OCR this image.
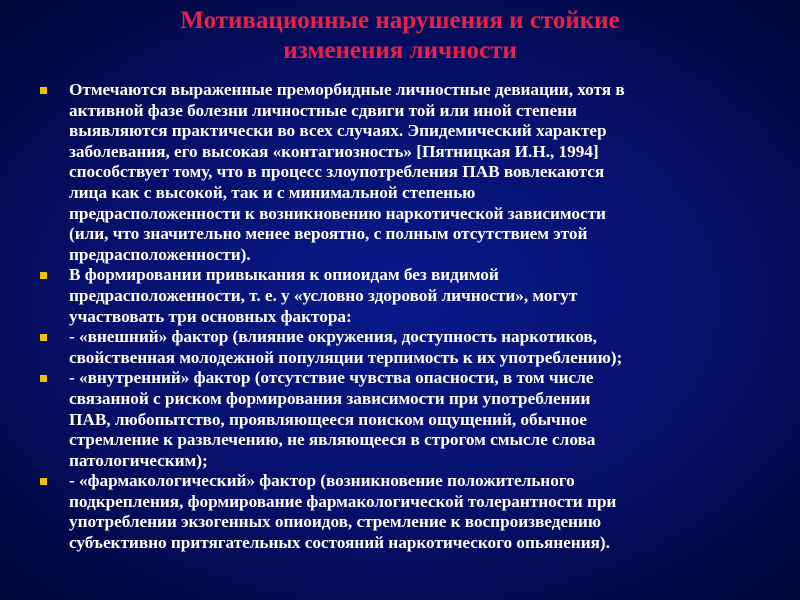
Мотивационные нарушения и стойкие
изменения личности
Отмечаются выраженные преморбидные личностные девиации, хотя в
активной фазе болезни личностные сдвиги той или иной степени
выявляются практически во всех случаях. Эпидемический характер
заболевания, его высокая «контагиозность» [Пятницкая И.Н., 1994]
способствует тому, что в процесс злоупотребления ПАВ вовлекаются
лица как с высокой, так и с минимальной степенью
предрасположенности к возникновению наркотической зависимости
(или, что значительно менее вероятно, с полным отсутствием этой
предрасположенности).
В формировании привыкания к опиоидам без видимой
предрасположенности, т. е. у «условно здоровой личности», могут
участвовать три основных фактора:
- «внешний» фактор (влияние окружения, доступность наркотиков,
свойственная молодежной популяции терпимость к их употреблению);
- «внутренний» фактор (отсутствие чувства опасности, в том числе
связанной с риском формирования зависимости при употреблении
ПАВ, любопытство, проявляющееся поиском ощущений, обычное
стремление к развлечению, не являющееся в строгом смысле слова
патологическим);
- «фармакологический» фактор (возникновение положительного
подкрепления, формирование фармакологической толерантности при
употреблении экзогенных опиоидов, стремление к воспроизведению
субъективно притягательных состояний наркотического опьянения).
